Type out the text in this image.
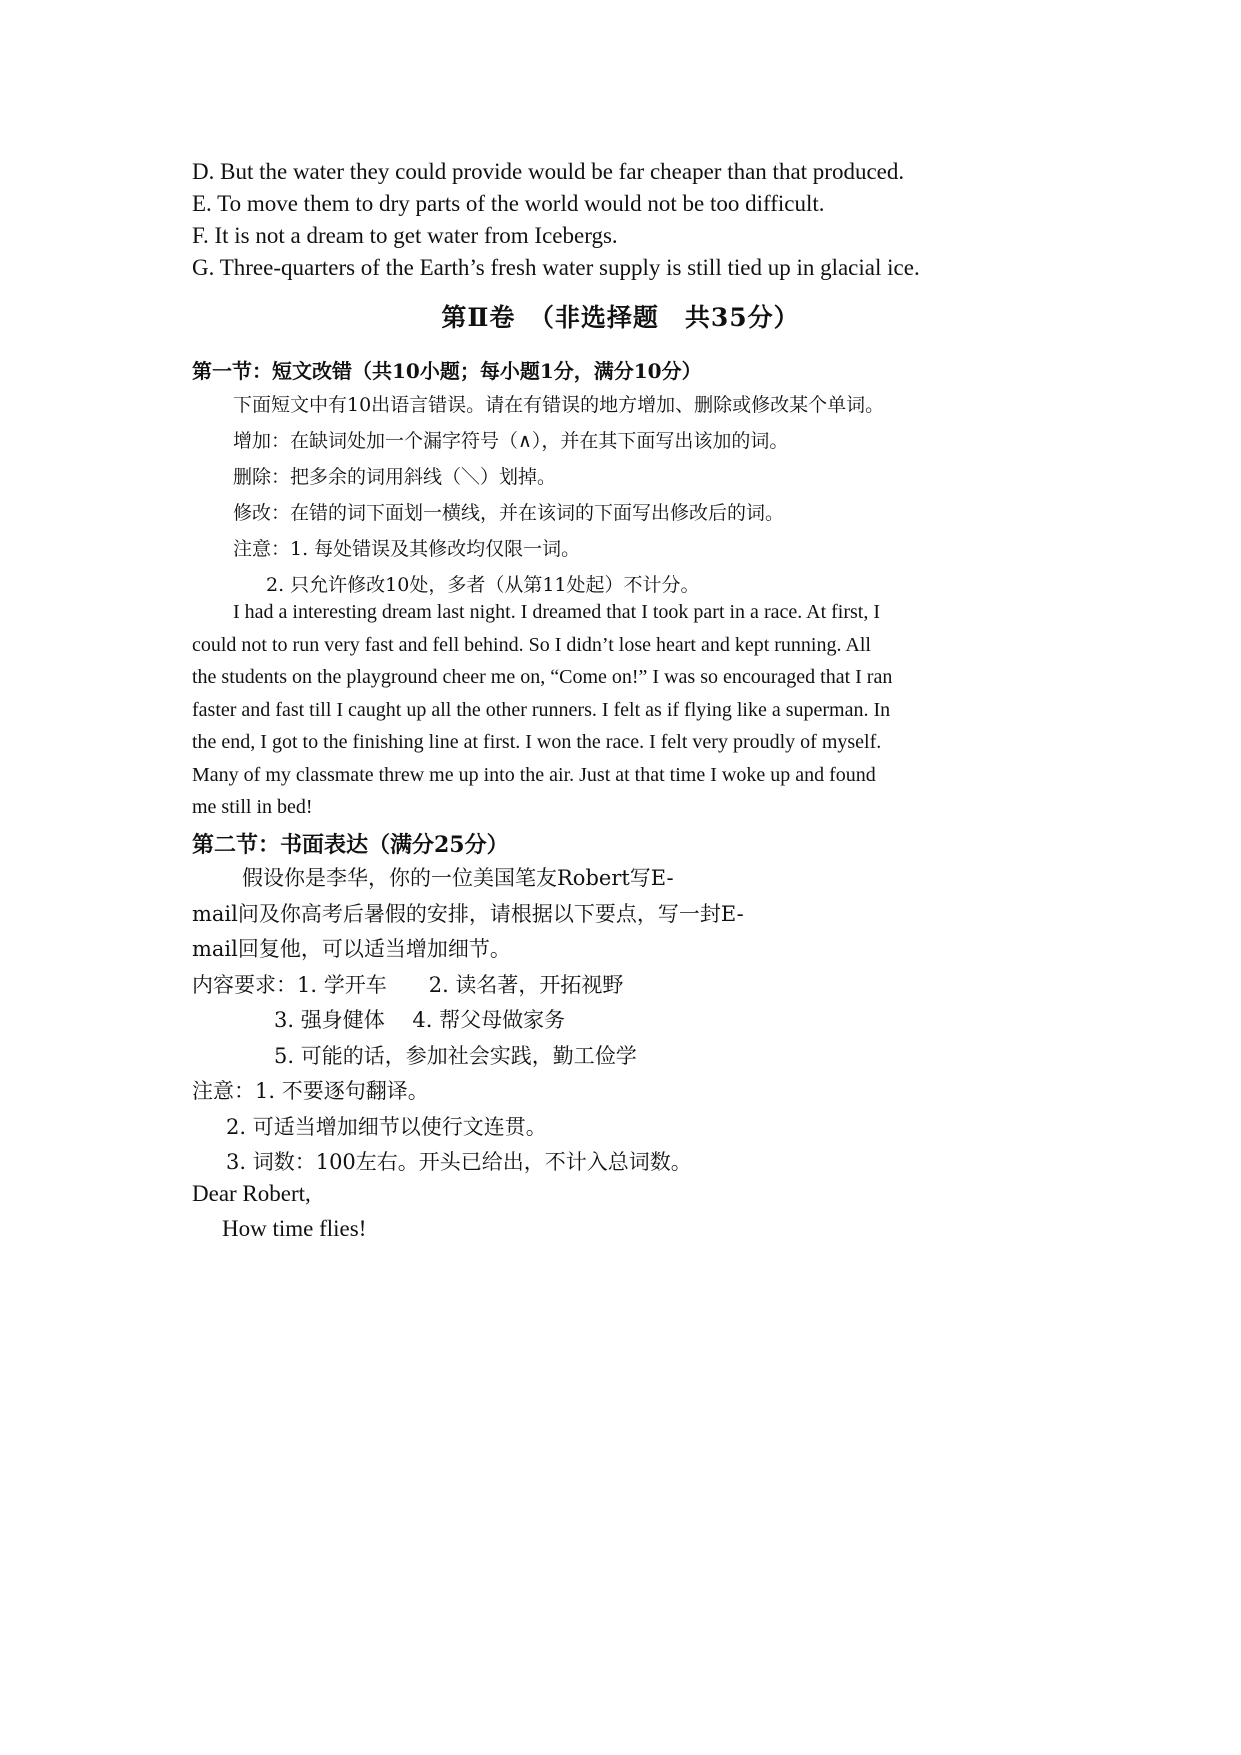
D. But the water they could provide would be far cheaper than that produced.
E. To move them to dry parts of the world would not be too difficult.
F. It is not a dream to get water from Icebergs.
G. Three-quarters of the Earth’s fresh water supply is still tied up in glacial ice.
第Ⅱ卷　（非选择题　共35分）
第一节：短文改错（共10小题；每小题1分，满分10分）
下面短文中有10出语言错误。请在有错误的地方增加、删除或修改某个单词。
增加：在缺词处加一个漏字符号（∧），并在其下面写出该加的词。
删除：把多余的词用斜线（＼）划掉。
修改：在错的词下面划一横线，并在该词的下面写出修改后的词。
注意：1. 每处错误及其修改均仅限一词。
2. 只允许修改10处，多者（从第11处起）不计分。
I had a interesting dream last night. I dreamed that I took part in a race. At first, I
could not to run very fast and fell behind. So I didn’t lose heart and kept running. All
the students on the playground cheer me on, “Come on!” I was so encouraged that I ran
faster and fast till I caught up all the other runners. I felt as if flying like a superman. In
the end, I got to the finishing line at first. I won the race. I felt very proudly of myself.
Many of my classmate threw me up into the air. Just at that time I woke up and found
me still in bed!
第二节：书面表达（满分25分）
假设你是李华，你的一位美国笔友Robert写E-
mail问及你高考后暑假的安排，请根据以下要点，写一封E-
mail回复他，可以适当增加细节。
内容要求：1. 学开车　　2. 读名著，开拓视野
3. 强身健体　 4. 帮父母做家务
5. 可能的话，参加社会实践，勤工俭学
注意：1. 不要逐句翻译。
2. 可适当增加细节以使行文连贯。
3. 词数：100左右。开头已给出，不计入总词数。
Dear Robert,
How time flies!
